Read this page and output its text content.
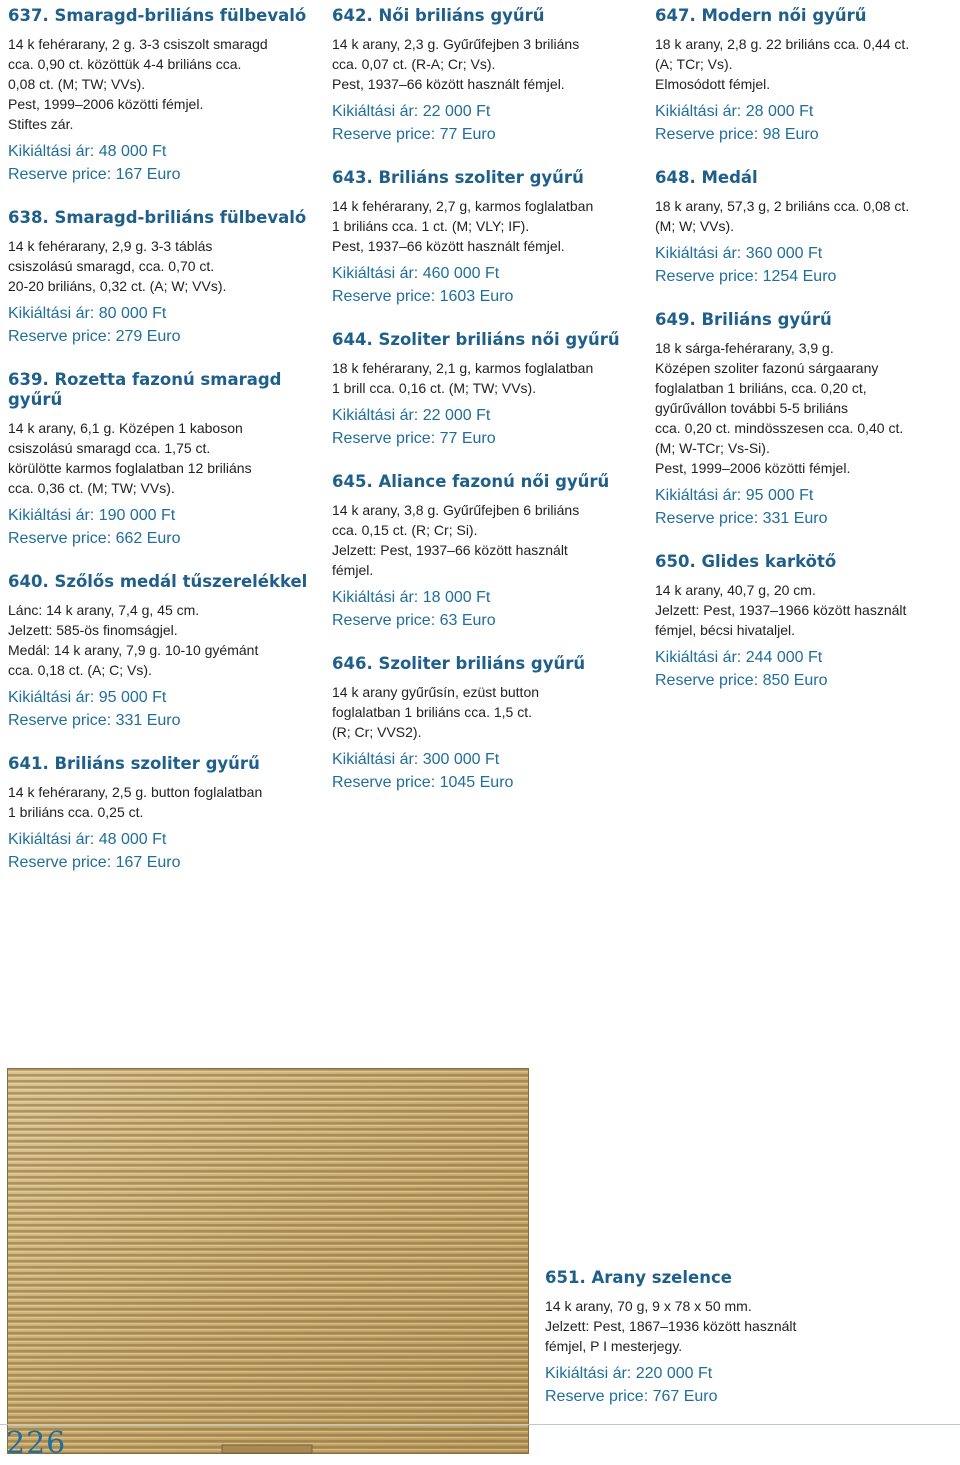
637. Smaragd-briliáns fülbevaló
14 k fehérarany, 2 g. 3-3 csiszolt smaragd
cca. 0,90 ct. közöttük 4-4 briliáns cca.
0,08 ct. (M; TW; VVs).
Pest, 1999–2006 közötti fémjel.
Stiftes zár.
Kikiáltási ár: 48 000 Ft
Reserve price: 167 Euro
638. Smaragd-briliáns fülbevaló
14 k fehérarany, 2,9 g. 3-3 táblás
csiszolású smaragd, cca. 0,70 ct.
20-20 briliáns, 0,32 ct. (A; W; VVs).
Kikiáltási ár: 80 000 Ft
Reserve price: 279 Euro
639. Rozetta fazonú smaragd gyűrű
14 k arany, 6,1 g. Középen 1 kaboson
csiszolású smaragd cca. 1,75 ct.
körülötte karmos foglalatban 12 briliáns
cca. 0,36 ct. (M; TW; VVs).
Kikiáltási ár: 190 000 Ft
Reserve price: 662 Euro
640. Szőlős medál tűszerelékkel
Lánc: 14 k arany, 7,4 g, 45 cm.
Jelzett: 585-ös finomságjel.
Medál: 14 k arany, 7,9 g. 10-10 gyémánt
cca. 0,18 ct. (A; C; Vs).
Kikiáltási ár: 95 000 Ft
Reserve price: 331 Euro
641. Briliáns szoliter gyűrű
14 k fehérarany, 2,5 g. button foglalatban
1 briliáns cca. 0,25 ct.
Kikiáltási ár: 48 000 Ft
Reserve price: 167 Euro
642. Női briliáns gyűrű
14 k arany, 2,3 g. Gyűrűfejben 3 briliáns
cca. 0,07 ct. (R-A; Cr; Vs).
Pest, 1937–66 között használt fémjel.
Kikiáltási ár: 22 000 Ft
Reserve price: 77 Euro
643. Briliáns szoliter gyűrű
14 k fehérarany, 2,7 g, karmos foglalatban
1 briliáns cca. 1 ct. (M; VLY; IF).
Pest, 1937–66 között használt fémjel.
Kikiáltási ár: 460 000 Ft
Reserve price: 1603 Euro
644. Szoliter briliáns női gyűrű
18 k fehérarany, 2,1 g, karmos foglalatban
1 brill cca. 0,16 ct. (M; TW; VVs).
Kikiáltási ár: 22 000 Ft
Reserve price: 77 Euro
645. Aliance fazonú női gyűrű
14 k arany, 3,8 g. Gyűrűfejben 6 briliáns
cca. 0,15 ct. (R; Cr; Si).
Jelzett: Pest, 1937–66 között használt
fémjel.
Kikiáltási ár: 18 000 Ft
Reserve price: 63 Euro
646. Szoliter briliáns gyűrű
14 k arany gyűrűsín, ezüst button
foglalatban 1 briliáns cca. 1,5 ct.
(R; Cr; VVS2).
Kikiáltási ár: 300 000 Ft
Reserve price: 1045 Euro
647. Modern női gyűrű
18 k arany, 2,8 g. 22 briliáns cca. 0,44 ct.
(A; TCr; Vs).
Elmosódott fémjel.
Kikiáltási ár: 28 000 Ft
Reserve price: 98 Euro
648. Medál
18 k arany, 57,3 g, 2 briliáns cca. 0,08 ct.
(M; W; VVs).
Kikiáltási ár: 360 000 Ft
Reserve price: 1254 Euro
649. Briliáns gyűrű
18 k sárga-fehérarany, 3,9 g.
Középen szoliter fazonú sárgaarany
foglalatban 1 briliáns, cca. 0,20 ct,
gyűrűvállon további 5-5 briliáns
cca. 0,20 ct. mindösszesen cca. 0,40 ct.
(M; W-TCr; Vs-Si).
Pest, 1999–2006 közötti fémjel.
Kikiáltási ár: 95 000 Ft
Reserve price: 331 Euro
650. Glides karkötő
14 k arany, 40,7 g, 20 cm.
Jelzett: Pest, 1937–1966 között használt
fémjel, bécsi hivataljel.
Kikiáltási ár: 244 000 Ft
Reserve price: 850 Euro
651. Arany szelence
14 k arany, 70 g, 9 x 78 x 50 mm.
Jelzett: Pest, 1867–1936 között használt
fémjel, P I mesterjegy.
Kikiáltási ár: 220 000 Ft
Reserve price: 767 Euro
226
